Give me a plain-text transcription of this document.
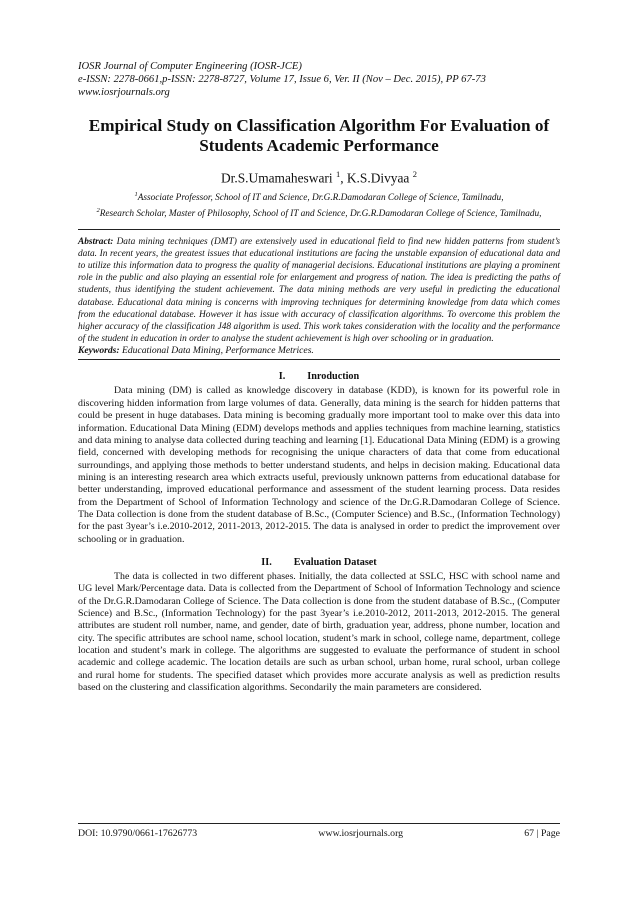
IOSR Journal of Computer Engineering (IOSR-JCE)
e-ISSN: 2278-0661,p-ISSN: 2278-8727, Volume 17, Issue 6, Ver. II (Nov – Dec. 2015), PP 67-73
www.iosrjournals.org
Empirical Study on Classification Algorithm For Evaluation of Students Academic Performance
Dr.S.Umamaheswari $^1$, K.S.Divyaa $^2$
$^1$Associate Professor, School of IT and Science, Dr.G.R.Damodaran College of Science, Tamilnadu,
$^2$Research Scholar, Master of Philosophy, School of IT and Science, Dr.G.R.Damodaran College of Science, Tamilnadu,
Abstract: Data mining techniques (DMT) are extensively used in educational field to find new hidden patterns from student’s data. In recent years, the greatest issues that educational institutions are facing the unstable expansion of educational data and to utilize this information data to progress the quality of managerial decisions. Educational institutions are playing a prominent role in the public and also playing an essential role for enlargement and progress of nation. The idea is predicting the paths of students, thus identifying the student achievement. The data mining methods are very useful in predicting the educational database. Educational data mining is concerns with improving techniques for determining knowledge from data which comes from the educational database. However it has issue with accuracy of classification algorithms. To overcome this problem the higher accuracy of the classification J48 algorithm is used. This work takes consideration with the locality and the performance of the student in education in order to analyse the student achievement is high over schooling or in graduation.
Keywords: Educational Data Mining, Performance Metrices.
I. Inroduction
Data mining (DM) is called as knowledge discovery in database (KDD), is known for its powerful role in discovering hidden information from large volumes of data. Generally, data mining is the search for hidden patterns that could be present in huge databases. Data mining is becoming gradually more important tool to make over this data into information. Educational Data Mining (EDM) develops methods and applies techniques from machine learning, statistics and data mining to analyse data collected during teaching and learning [1]. Educational Data Mining (EDM) is a growing field, concerned with developing methods for recognising the unique characters of data that come from educational surroundings, and applying those methods to better understand students, and helps in decision making. Educational data mining is an interesting research area which extracts useful, previously unknown patterns from educational database for better understanding, improved educational performance and assessment of the student learning process. Data resides from the Department of School of Information Technology and science of the Dr.G.R.Damodaran College of Science. The Data collection is done from the student database of B.Sc., (Computer Science) and B.Sc., (Information Technology) for the past 3year’s i.e.2010-2012, 2011-2013, 2012-2015. The data is analysed in order to predict the improvement over schooling or in graduation.
II. Evaluation Dataset
The data is collected in two different phases. Initially, the data collected at SSLC, HSC with school name and UG level Mark/Percentage data. Data is collected from the Department of School of Information Technology and science of the Dr.G.R.Damodaran College of Science. The Data collection is done from the student database of B.Sc., (Computer Science) and B.Sc., (Information Technology) for the past 3year’s i.e.2010-2012, 2011-2013, 2012-2015. The general attributes are student roll number, name, and gender, date of birth, graduation year, address, phone number, location and city. The specific attributes are school name, school location, student’s mark in school, college name, department, college location and student’s mark in college. The algorithms are suggested to evaluate the performance of student in school academic and college academic. The location details are such as urban school, urban home, rural school, urban college and rural home for students. The specified dataset which provides more accurate analysis as well as prediction results based on the clustering and classification algorithms. Secondarily the main parameters are considered.
DOI: 10.9790/0661-17626773	www.iosrjournals.org	67 | Page
